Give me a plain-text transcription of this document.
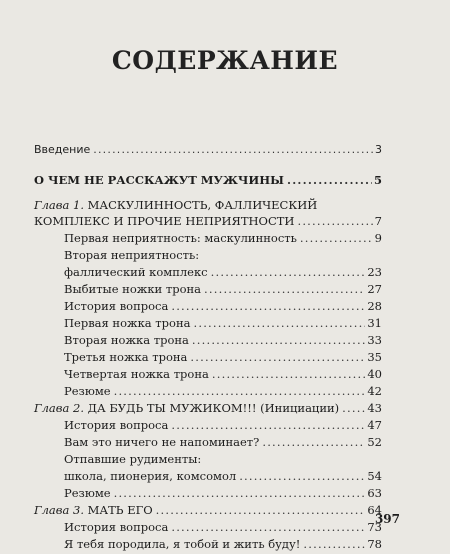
СОДЕРЖАНИЕ
Введение .....	3
О ЧЕМ НЕ РАССКАЖУТ МУЖЧИНЫ .....	5
Глава 1. МАСКУЛИННОСТЬ, ФАЛЛИЧЕСКИЙ
КОМПЛЕКС И ПРОЧИЕ НЕПРИЯТНОСТИ .....	7
Первая неприятность: маскулинность .....	9
Вторая неприятность:
фаллический комплекс .....	23
Выбитые ножки трона .....	27
История вопроса .....	28
Первая ножка трона .....	31
Вторая ножка трона .....	33
Третья ножка трона .....	35
Четвертая ножка трона .....	40
Резюме .....	42
Глава 2. ДА БУДЬ ТЫ МУЖИКОМ!!! (Инициации) ..... 43
История вопроса .....	47
Вам это ничего не напоминает? .....	52
Отпавшие рудименты:
школа, пионерия, комсомол .....	54
Резюме .....	63
Глава 3. МАТЬ ЕГО .....	64
История вопроса .....	73
Я тебя породила, я тобой и жить буду! .....	78
397
